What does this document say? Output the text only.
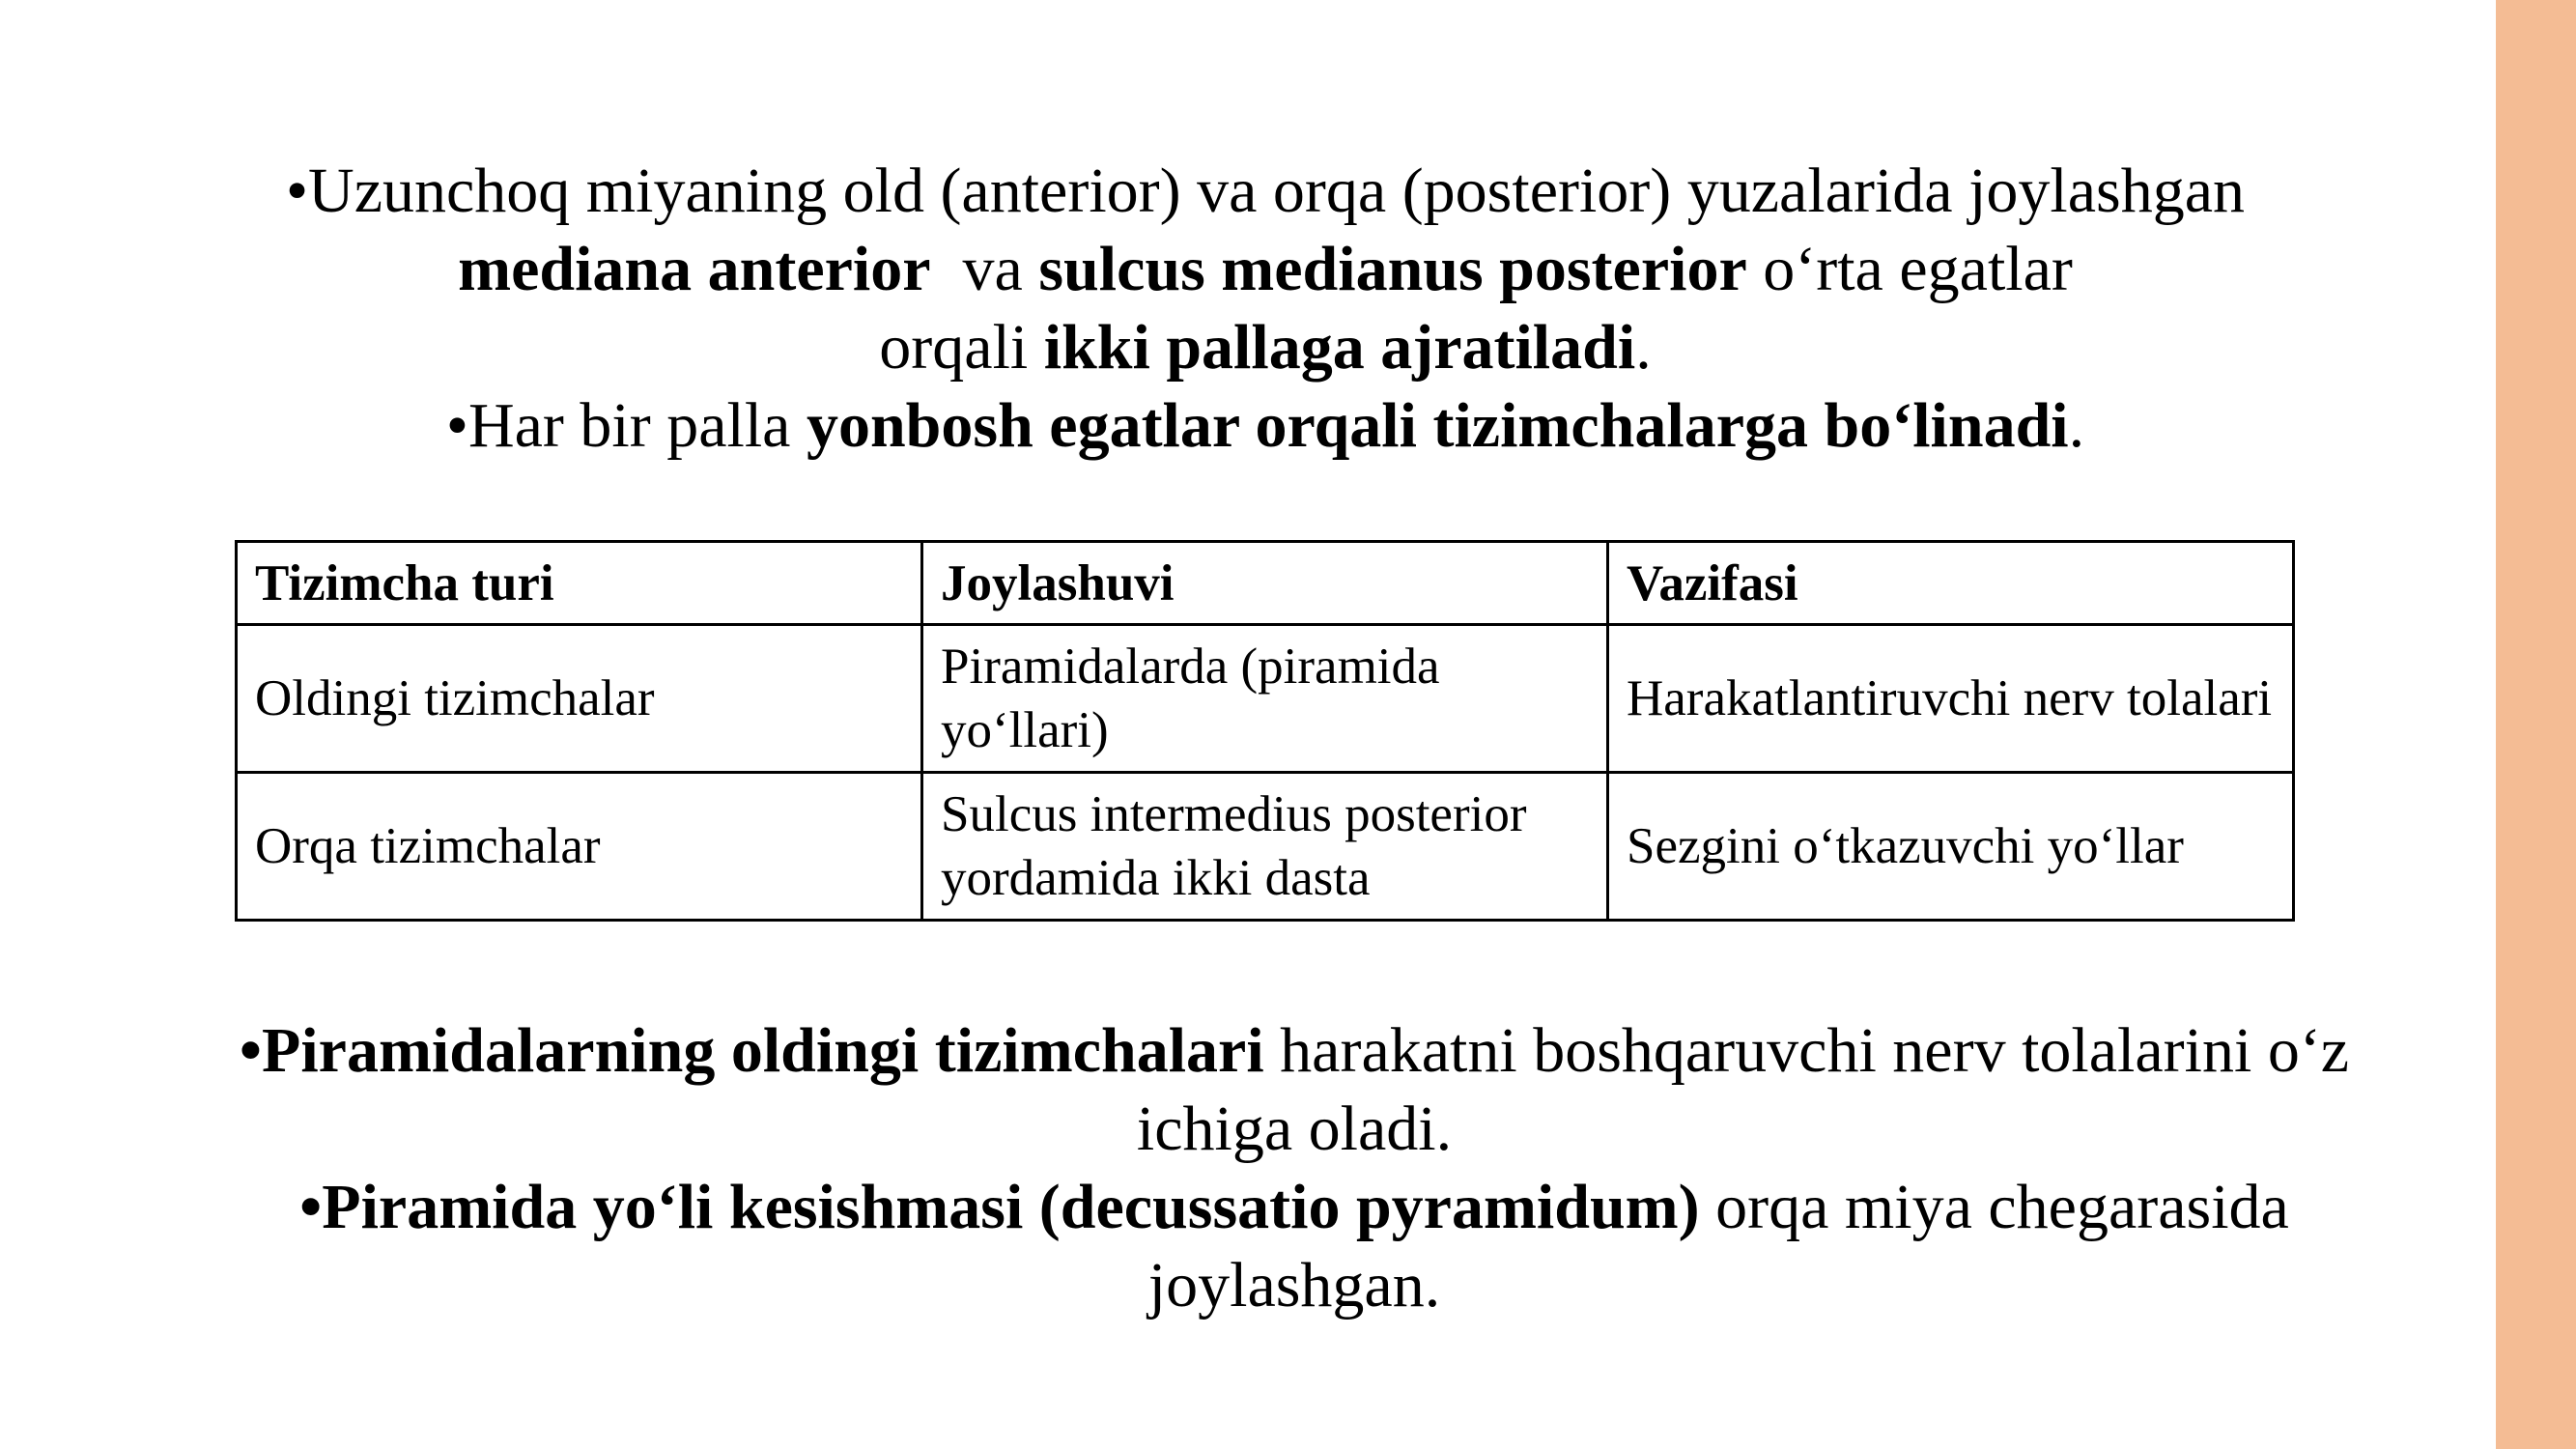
•Uzunchoq miyaning old (anterior) va orqa (posterior) yuzalarida joylashgan

mediana anterior  va sulcus medianus posterior o‘rta egatlar

orqali ikki pallaga ajratiladi.

•Har bir palla yonbosh egatlar orqali tizimchalarga bo‘linadi.

Tizimcha turi	Joylashuvi	Vazifasi
Oldingi tizimchalar	Piramidalarda (piramida yo‘llari)	Harakatlantiruvchi nerv tolalari
Orqa tizimchalar	Sulcus intermedius posterior yordamida ikki dasta	Sezgini o‘tkazuvchi yo‘llar

•Piramidalarning oldingi tizimchalari harakatni boshqaruvchi nerv tolalarini o‘z ichiga oladi.

•Piramida yo‘li kesishmasi (decussatio pyramidum) orqa miya chegarasida joylashgan.
